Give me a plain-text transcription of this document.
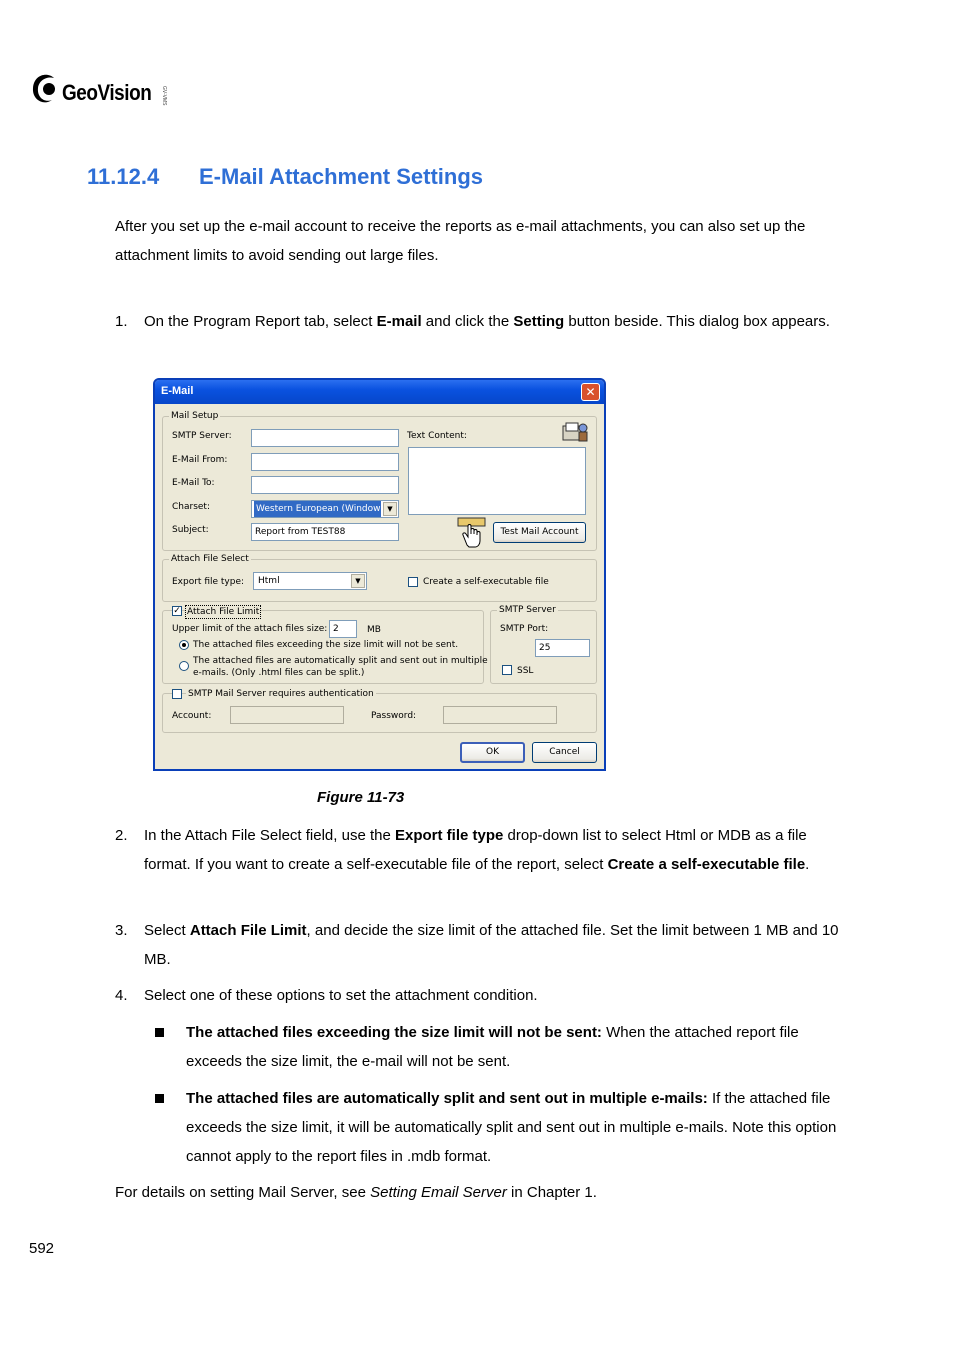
GeoVision GV-VMS
11.12.4 E-Mail Attachment Settings
After you set up the e-mail account to receive the reports as e-mail attachments, you can also set up the attachment limits to avoid sending out large files.
1.	On the Program Report tab, select E-mail and click the Setting button beside. This dialog box appears.
E-Mail	✕
Mail Setup
SMTP Server:
E-Mail From:
E-Mail To:
Charset:	Western European (Window ▼
Subject:	Report from TEST88
Text Content:
Test Mail Account
Attach File Select
Export file type: Html	▼	Create a self-executable file
✓ Attach File Limit
Upper limit of the attach files size: 2	MB
The attached files exceeding the size limit will not be sent.
The attached files are automatically split and sent out in multiple
e-mails. (Only .html files can be split.)
SMTP Server
SMTP Port:
25
SSL
SMTP Mail Server requires authentication
Account:	Password:
OK	Cancel
Figure 11-73
2.	In the Attach File Select field, use the Export file type drop-down list to select Html or MDB as a file format. If you want to create a self-executable file of the report, select Create a self-executable file.
3.	Select Attach File Limit, and decide the size limit of the attached file. Set the limit between 1 MB and 10 MB.
4.	Select one of these options to set the attachment condition.
The attached files exceeding the size limit will not be sent: When the attached report file exceeds the size limit, the e-mail will not be sent.
The attached files are automatically split and sent out in multiple e-mails: If the attached file exceeds the size limit, it will be automatically split and sent out in multiple e-mails. Note this option cannot apply to the report files in .mdb format.
For details on setting Mail Server, see Setting Email Server in Chapter 1.
592
